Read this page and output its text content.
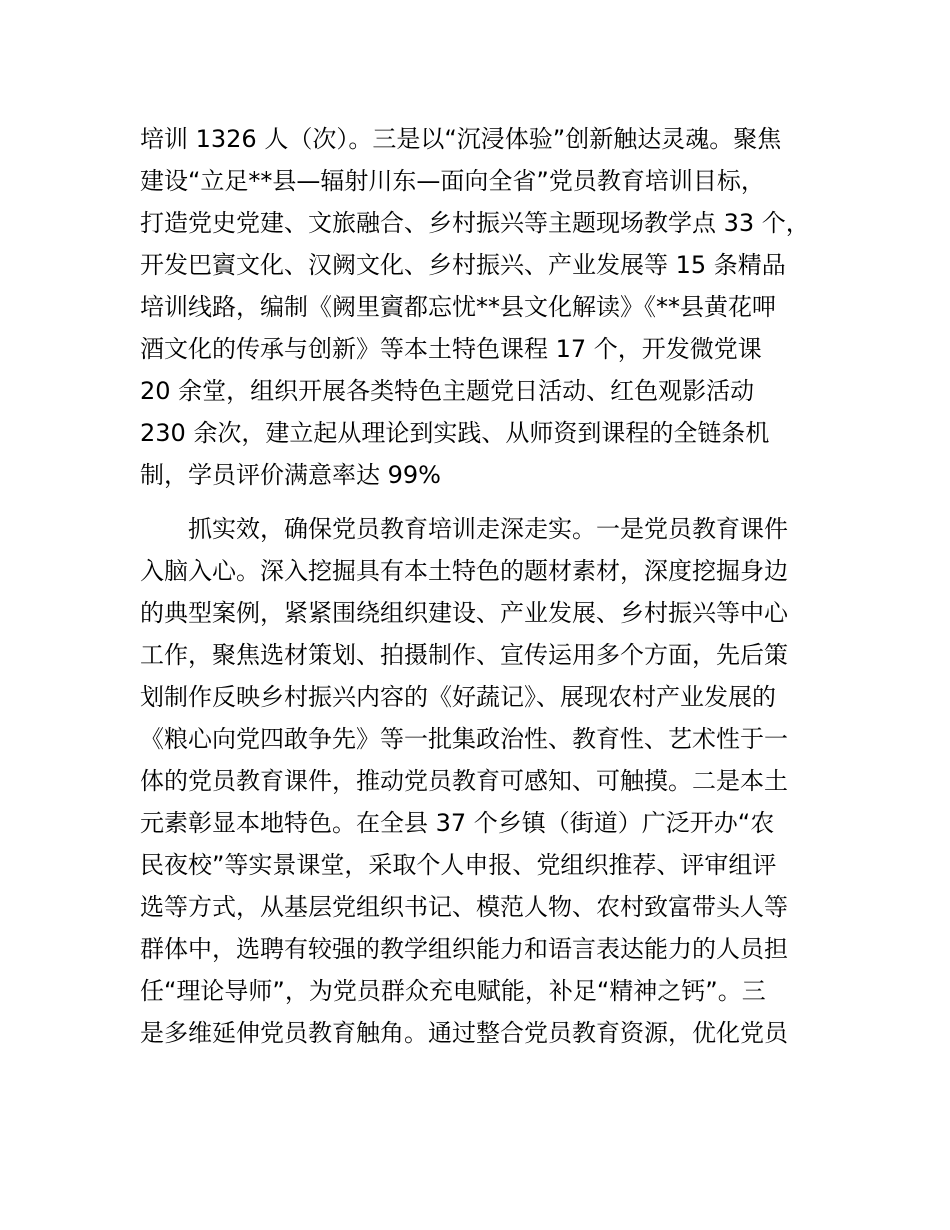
培训 1326 人（次）。三是以“沉浸体验”创新触达灵魂。聚焦
建设“立足**县—辐射川东—面向全省”党员教育培训目标，
打造党史党建、文旅融合、乡村振兴等主题现场教学点 33 个，
开发巴賨文化、汉阙文化、乡村振兴、产业发展等 15 条精品
培训线路，编制《阙里賨都忘忧**县文化解读》《**县黄花呷
酒文化的传承与创新》等本土特色课程 17 个，开发微党课
20 余堂，组织开展各类特色主题党日活动、红色观影活动
230 余次，建立起从理论到实践、从师资到课程的全链条机
制，学员评价满意率达 99%
　　抓实效，确保党员教育培训走深走实。一是党员教育课件
入脑入心。深入挖掘具有本土特色的题材素材，深度挖掘身边
的典型案例，紧紧围绕组织建设、产业发展、乡村振兴等中心
工作，聚焦选材策划、拍摄制作、宣传运用多个方面，先后策
划制作反映乡村振兴内容的《好蔬记》、展现农村产业发展的
《粮心向党四敢争先》等一批集政治性、教育性、艺术性于一
体的党员教育课件，推动党员教育可感知、可触摸。二是本土
元素彰显本地特色。在全县 37 个乡镇（街道）广泛开办“农
民夜校”等实景课堂，采取个人申报、党组织推荐、评审组评
选等方式，从基层党组织书记、模范人物、农村致富带头人等
群体中，选聘有较强的教学组织能力和语言表达能力的人员担
任“理论导师”，为党员群众充电赋能，补足“精神之钙”。三
是多维延伸党员教育触角。通过整合党员教育资源，优化党员
